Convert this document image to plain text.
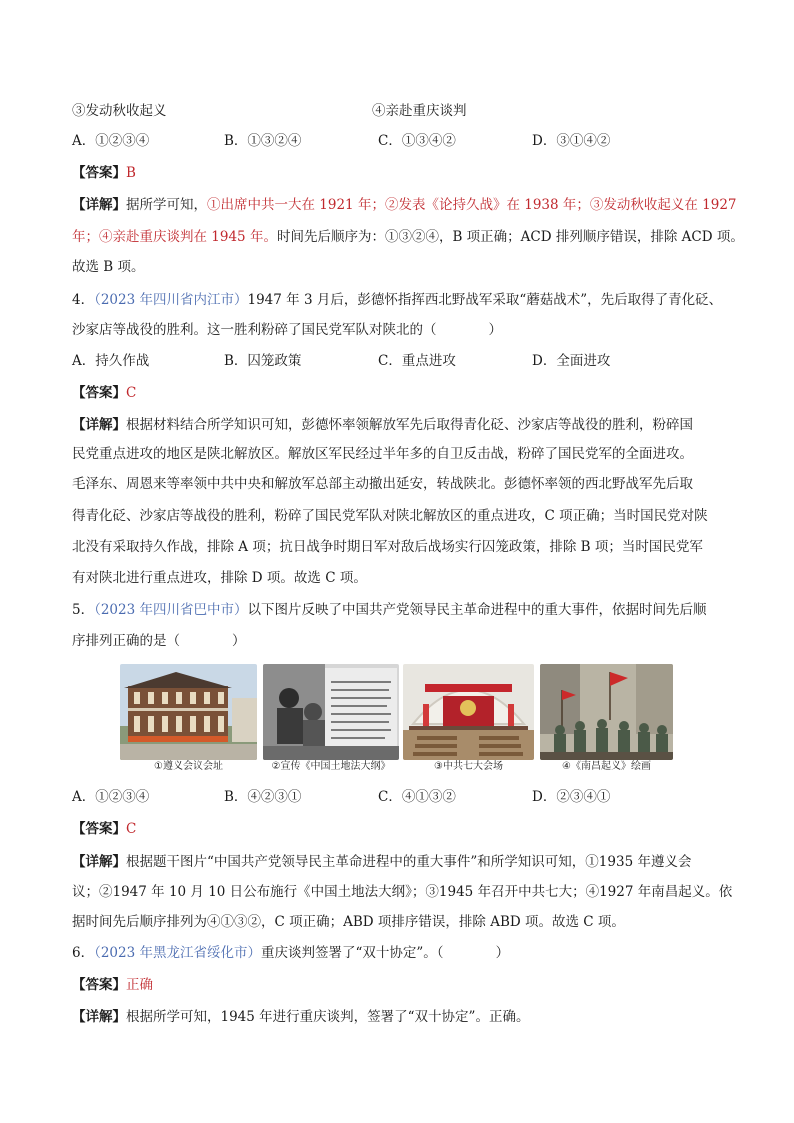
③发动秋收起义	④亲赴重庆谈判
A．①②③④	B．①③②④	C．①③④②	D．③①④②
【答案】B
【详解】据所学可知，①出席中共一大在 1921 年；②发表《论持久战》在 1938 年；③发动秋收起义在 1927
年；④亲赴重庆谈判在 1945 年。时间先后顺序为：①③②④，B 项正确；ACD 排列顺序错误，排除 ACD 项。
故选 B 项。
4．（2023 年四川省内江市）1947 年 3 月后，彭德怀指挥西北野战军采取“蘑菇战术”，先后取得了青化砭、
沙家店等战役的胜利。这一胜利粉碎了国民党军队对陕北的（	）
A．持久作战	B．囚笼政策	C．重点进攻	D．全面进攻
【答案】C
【详解】根据材料结合所学知识可知，彭德怀率领解放军先后取得青化砭、沙家店等战役的胜利，粉碎国
民党重点进攻的地区是陕北解放区。解放区军民经过半年多的自卫反击战，粉碎了国民党军的全面进攻。
毛泽东、周恩来等率领中共中央和解放军总部主动撤出延安，转战陕北。彭德怀率领的西北野战军先后取
得青化砭、沙家店等战役的胜利，粉碎了国民党军队对陕北解放区的重点进攻，C 项正确；当时国民党对陕
北没有采取持久作战，排除 A 项；抗日战争时期日军对敌后战场实行囚笼政策，排除 B 项；当时国民党军
有对陕北进行重点进攻，排除 D 项。故选 C 项。
5．（2023 年四川省巴中市）以下图片反映了中国共产党领导民主革命进程中的重大事件，依据时间先后顺
序排列正确的是（	）
①遵义会议会址	②宣传《中国土地法大纲》	③中共七大会场	④《南昌起义》绘画
A．①②③④	B．④②③①	C．④①③②	D．②③④①
【答案】C
【详解】根据题干图片“中国共产党领导民主革命进程中的重大事件”和所学知识可知，①1935 年遵义会
议；②1947 年 10 月 10 日公布施行《中国土地法大纲》；③1945 年召开中共七大；④1927 年南昌起义。依
据时间先后顺序排列为④①③②，C 项正确；ABD 项排序错误，排除 ABD 项。故选 C 项。
6．（2023 年黑龙江省绥化市）重庆谈判签署了“双十协定”。（	）
【答案】正确
【详解】根据所学可知，1945 年进行重庆谈判，签署了“双十协定”。正确。
